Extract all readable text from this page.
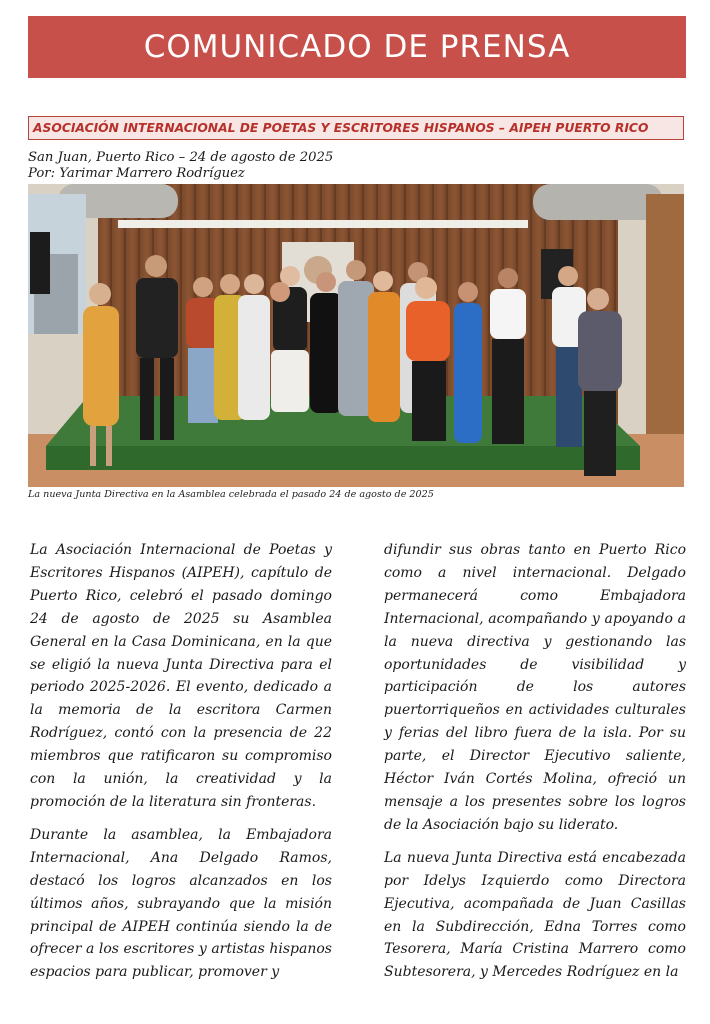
COMUNICADO DE PRENSA
ASOCIACIÓN INTERNACIONAL DE POETAS Y ESCRITORES HISPANOS – AIPEH PUERTO RICO
San Juan, Puerto Rico – 24 de agosto de 2025
Por: Yarimar Marrero Rodríguez
La nueva Junta Directiva en la Asamblea celebrada el pasado 24 de agosto de 2025

La Asociación Internacional de Poetas y Escritores Hispanos (AIPEH), capítulo de Puerto Rico, celebró el pasado domingo 24 de agosto de 2025 su Asamblea General en la Casa Dominicana, en la que se eligió la nueva Junta Directiva para el periodo 2025-2026. El evento, dedicado a la memoria de la escritora Carmen Rodríguez, contó con la presencia de 22 miembros que ratificaron su compromiso con la unión, la creatividad y la promoción de la literatura sin fronteras.

Durante la asamblea, la Embajadora Internacional, Ana Delgado Ramos, destacó los logros alcanzados en los últimos años, subrayando que la misión principal de AIPEH continúa siendo la de ofrecer a los escritores y artistas hispanos espacios para publicar, promover y

difundir sus obras tanto en Puerto Rico como a nivel internacional. Delgado permanecerá como Embajadora Internacional, acompañando y apoyando a la nueva directiva y gestionando las oportunidades de visibilidad y participación de los autores puertorriqueños en actividades culturales y ferias del libro fuera de la isla. Por su parte, el Director Ejecutivo saliente, Héctor Iván Cortés Molina, ofreció un mensaje a los presentes sobre los logros de la Asociación bajo su liderato.

La nueva Junta Directiva está encabezada por Idelys Izquierdo como Directora Ejecutiva, acompañada de Juan Casillas en la Subdirección, Edna Torres como Tesorera, María Cristina Marrero como Subtesorera, y Mercedes Rodríguez en la
